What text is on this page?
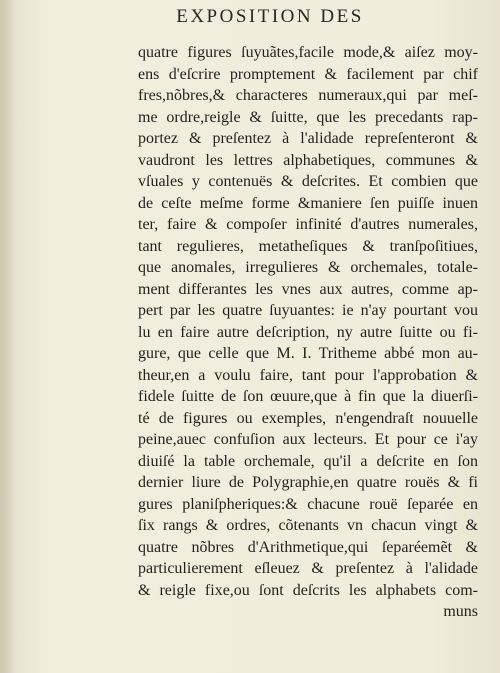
EXPOSITION DES
quatre figures ſuyuãtes,facile mode,& aiſez moy-
ens d'eſcrire promptement & facilement par chif
fres,nõbres,& characteres numeraux,qui par meſ-
me ordre,reigle & ſuitte, que les precedants rap-
portez & preſentez à l'alidade repreſenteront &
vaudront les lettres alphabetiques, communes &
vſuales y contenuës & deſcrites. Et combien que
de ceſte meſme forme &maniere ſen puiſſe inuen
ter, faire & compoſer infinité d'autres numerales,
tant regulieres, metatheſiques & tranſpoſitiues,
que anomales, irregulieres & orchemales, totale-
ment differantes les vnes aux autres, comme ap-
pert par les quatre ſuyuantes: ie n'ay pourtant vou
lu en faire autre deſcription, ny autre ſuitte ou fi-
gure, que celle que M. I. Tritheme abbé mon au-
theur,en a voulu faire, tant pour l'approbation &
fidele ſuitte de ſon œuure,que à fin que la diuerſi-
té de figures ou exemples, n'engendraſt nouuelle
peine,auec confuſion aux lecteurs. Et pour ce i'ay
diuiſé la table orchemale, qu'il a deſcrite en ſon
dernier liure de Polygraphie,en quatre rouës & fi
gures planiſpheriques:& chacune rouë ſeparée en
ſix rangs & ordres, cõtenants vn chacun vingt &
quatre nõbres d'Arithmetique,qui ſeparéemẽt &
particulierement eſleuez & preſentez à l'alidade
& reigle fixe,ou ſont deſcrits les alphabets com-
muns
